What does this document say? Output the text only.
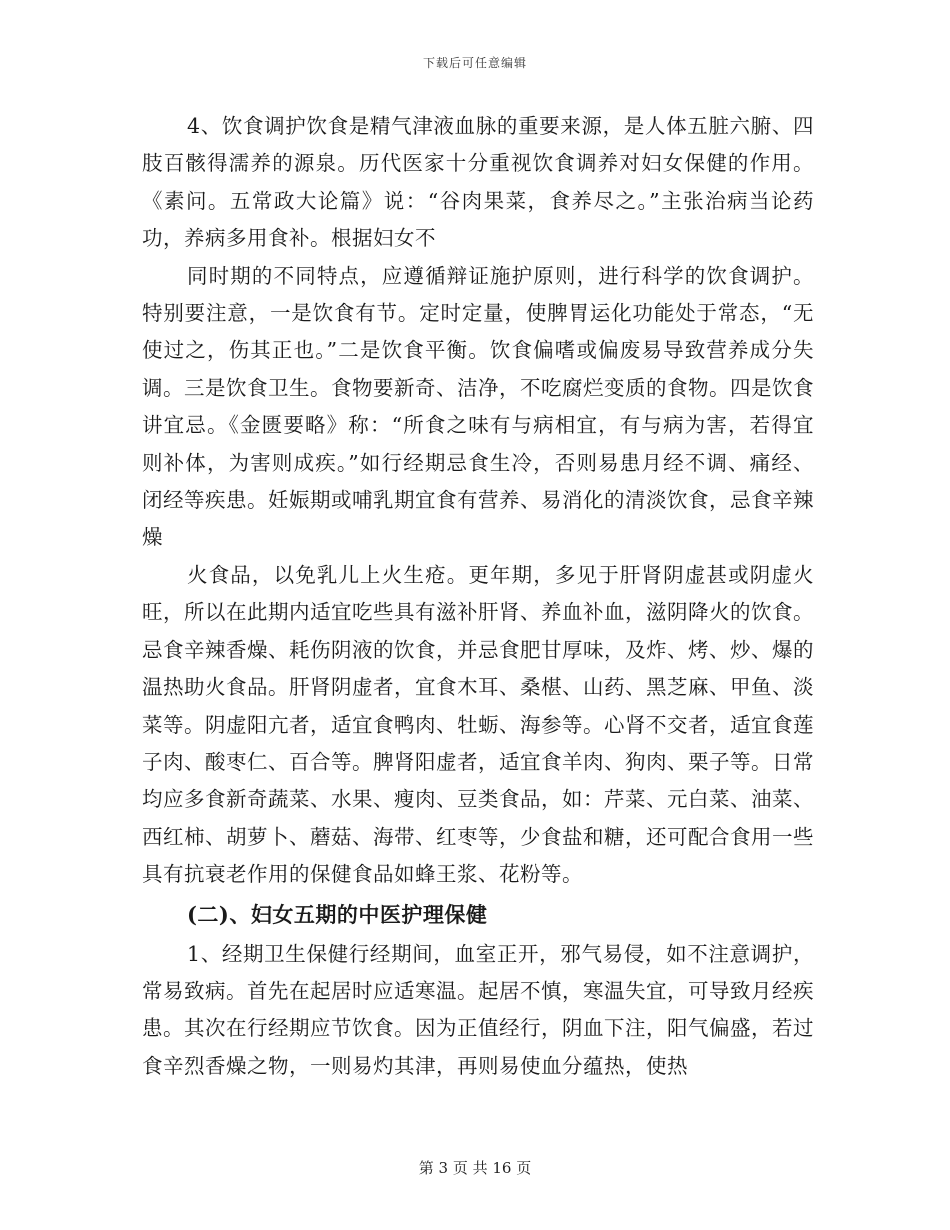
下载后可任意编辑

4、饮食调护饮食是精气津液血脉的重要来源，是人体五脏六腑、四肢百骸得濡养的源泉。历代医家十分重视饮食调养对妇女保健的作用。《素问。五常政大论篇》说：“谷肉果菜，食养尽之。”主张治病当论药功，养病多用食补。根据妇女不

同时期的不同特点，应遵循辩证施护原则，进行科学的饮食调护。特别要注意，一是饮食有节。定时定量，使脾胃运化功能处于常态，“无使过之，伤其正也。”二是饮食平衡。饮食偏嗜或偏废易导致营养成分失调。三是饮食卫生。食物要新奇、洁净，不吃腐烂变质的食物。四是饮食讲宜忌。《金匮要略》称：“所食之味有与病相宜，有与病为害，若得宜则补体，为害则成疾。”如行经期忌食生冷，否则易患月经不调、痛经、闭经等疾患。妊娠期或哺乳期宜食有营养、易消化的清淡饮食，忌食辛辣燥

火食品，以免乳儿上火生疮。更年期，多见于肝肾阴虚甚或阴虚火旺，所以在此期内适宜吃些具有滋补肝肾、养血补血，滋阴降火的饮食。忌食辛辣香燥、耗伤阴液的饮食，并忌食肥甘厚味，及炸、烤、炒、爆的温热助火食品。肝肾阴虚者，宜食木耳、桑椹、山药、黑芝麻、甲鱼、淡菜等。阴虚阳亢者，适宜食鸭肉、牡蛎、海参等。心肾不交者，适宜食莲子肉、酸枣仁、百合等。脾肾阳虚者，适宜食羊肉、狗肉、栗子等。日常均应多食新奇蔬菜、水果、瘦肉、豆类食品，如：芹菜、元白菜、油菜、西红柿、胡萝卜、蘑菇、海带、红枣等，少食盐和糖，还可配合食用一些具有抗衰老作用的保健食品如蜂王浆、花粉等。

(二)、妇女五期的中医护理保健

1、经期卫生保健行经期间，血室正开，邪气易侵，如不注意调护，常易致病。首先在起居时应适寒温。起居不慎，寒温失宜，可导致月经疾患。其次在行经期应节饮食。因为正值经行，阴血下注，阳气偏盛，若过食辛烈香燥之物，一则易灼其津，再则易使血分蕴热，使热

第 3 页 共 16 页
